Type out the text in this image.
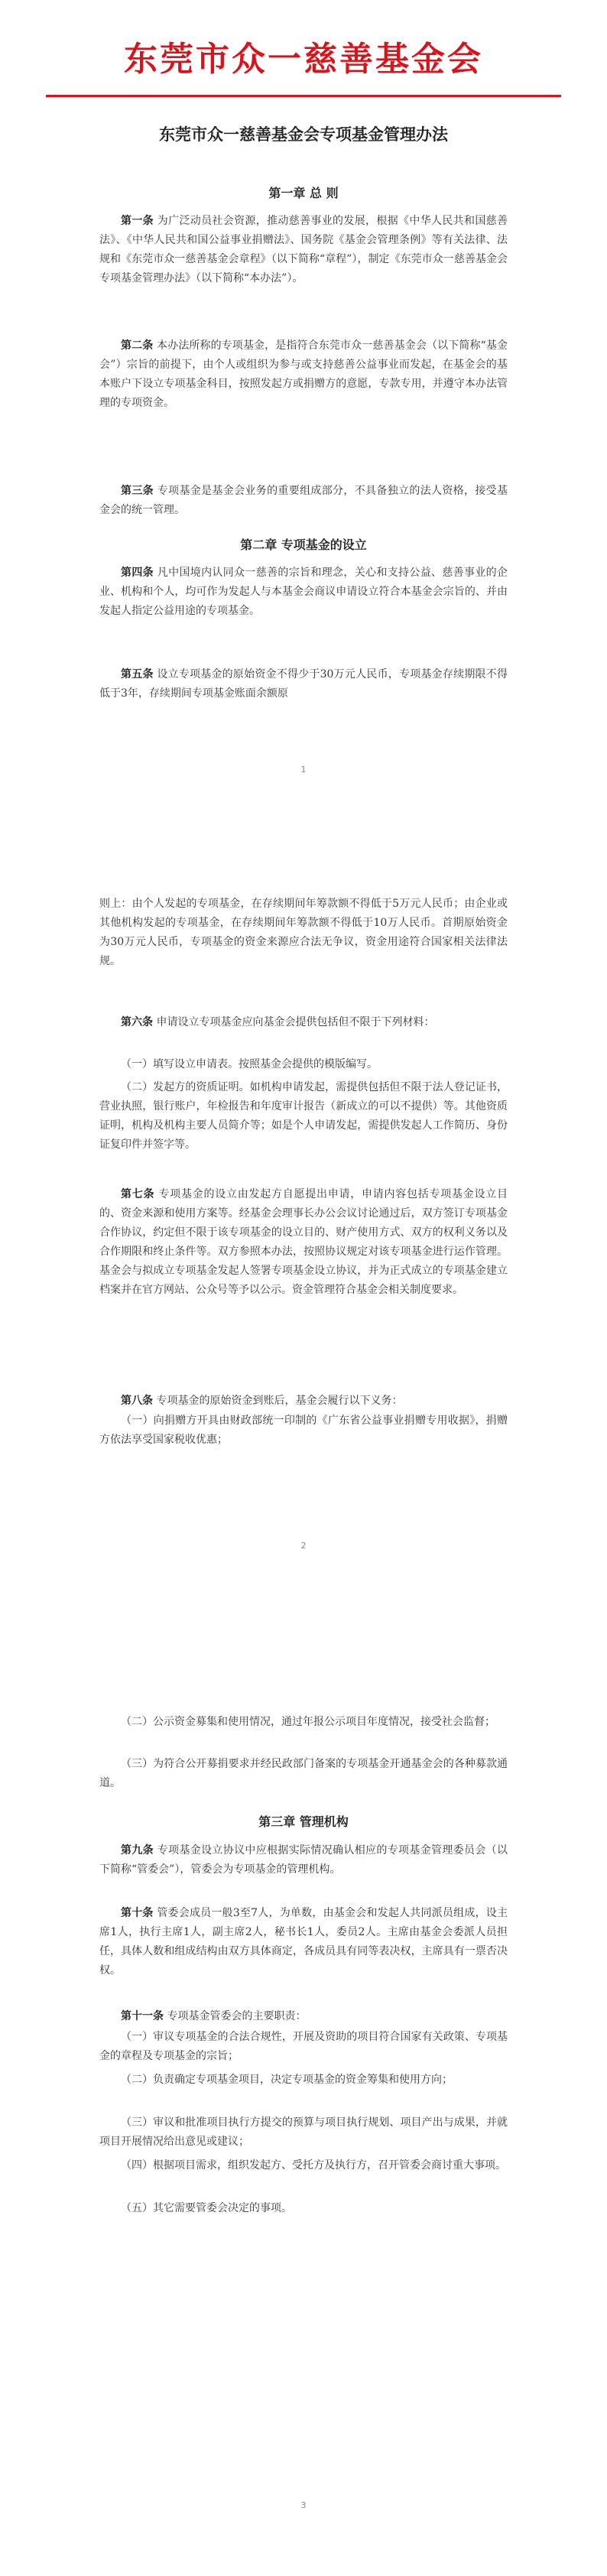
东莞市众一慈善基金会
东莞市众一慈善基金会专项基金管理办法
第一章 总 则

第一条 为广泛动员社会资源，推动慈善事业的发展，根据《中华人民共和国慈善法》、《中华人民共和国公益事业捐赠法》、国务院《基金会管理条例》等有关法律、法规和《东莞市众一慈善基金会章程》（以下简称“章程”），制定《东莞市众一慈善基金会专项基金管理办法》（以下简称“本办法”）。

第二条 本办法所称的专项基金，是指符合东莞市众一慈善基金会（以下简称“基金会”）宗旨的前提下，由个人或组织为参与或支持慈善公益事业而发起，在基金会的基本账户下设立专项基金科目，按照发起方或捐赠方的意愿，专款专用，并遵守本办法管理的专项资金。

第三条 专项基金是基金会业务的重要组成部分，不具备独立的法人资格，接受基金会的统一管理。

第二章 专项基金的设立

第四条 凡中国境内认同众一慈善的宗旨和理念，关心和支持公益、慈善事业的企业、机构和个人，均可作为发起人与本基金会商议申请设立符合本基金会宗旨的、并由发起人指定公益用途的专项基金。

第五条 设立专项基金的原始资金不得少于30万元人民币，专项基金存续期限不得低于3年，存续期间专项基金账面余额原

1

则上：由个人发起的专项基金，在存续期间年筹款额不得低于5万元人民币；由企业或其他机构发起的专项基金，在存续期间年筹款额不得低于10万人民币。首期原始资金为30万元人民币，专项基金的资金来源应合法无争议，资金用途符合国家相关法律法规。

第六条 申请设立专项基金应向基金会提供包括但不限于下列材料：

（一）填写设立申请表。按照基金会提供的模版编写。

（二）发起方的资质证明。如机构申请发起，需提供包括但不限于法人登记证书，营业执照，银行账户，年检报告和年度审计报告（新成立的可以不提供）等。其他资质证明，机构及机构主要人员简介等；如是个人申请发起，需提供发起人工作简历、身份证复印件并签字等。

第七条 专项基金的设立由发起方自愿提出申请，申请内容包括专项基金设立目的、资金来源和使用方案等。经基金会理事长办公会议讨论通过后，双方签订专项基金合作协议，约定但不限于该专项基金的设立目的、财产使用方式、双方的权利义务以及合作期限和终止条件等。双方参照本办法，按照协议规定对该专项基金进行运作管理。基金会与拟成立专项基金发起人签署专项基金设立协议，并为正式成立的专项基金建立档案并在官方网站、公众号等予以公示。资金管理符合基金会相关制度要求。

第八条 专项基金的原始资金到账后，基金会履行以下义务：

（一）向捐赠方开具由财政部统一印制的《广东省公益事业捐赠专用收据》，捐赠方依法享受国家税收优惠；

2

（二）公示资金募集和使用情况，通过年报公示项目年度情况，接受社会监督；

（三）为符合公开募捐要求并经民政部门备案的专项基金开通基金会的各种募款通道。

第三章 管理机构

第九条 专项基金设立协议中应根据实际情况确认相应的专项基金管理委员会（以下简称“管委会”），管委会为专项基金的管理机构。

第十条 管委会成员一般3至7人，为单数，由基金会和发起人共同派员组成，设主席1人，执行主席1人，副主席2人，秘书长1人，委员2人。主席由基金会委派人员担任，具体人数和组成结构由双方具体商定，各成员具有同等表决权，主席具有一票否决权。

第十一条 专项基金管委会的主要职责：

（一）审议专项基金的合法合规性，开展及资助的项目符合国家有关政策、专项基金的章程及专项基金的宗旨；

（二）负责确定专项基金项目，决定专项基金的资金筹集和使用方向；

（三）审议和批准项目执行方提交的预算与项目执行规划、项目产出与成果，并就项目开展情况给出意见或建议；

（四）根据项目需求，组织发起方、受托方及执行方，召开管委会商讨重大事项。

（五）其它需要管委会决定的事项。

3
